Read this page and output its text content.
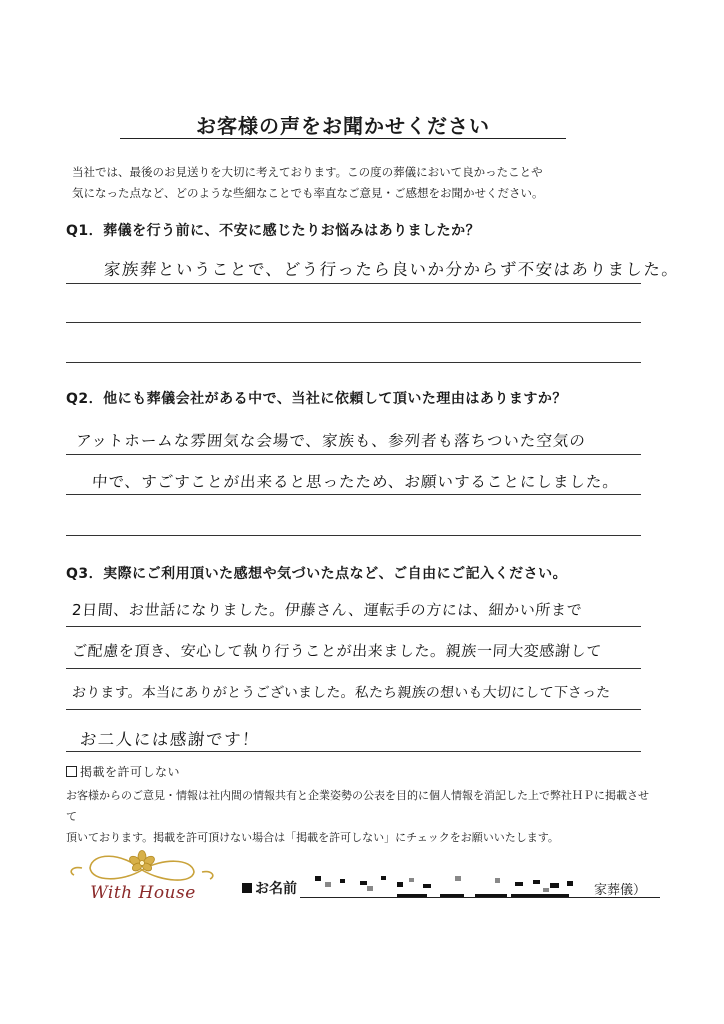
お客様の声をお聞かせください
当社では、最後のお見送りを大切に考えております。この度の葬儀において良かったことや
気になった点など、どのような些細なことでも率直なご意見・ご感想をお聞かせください。
Q1．葬儀を行う前に、不安に感じたりお悩みはありましたか？
家族葬ということで、どう行ったら良いか分からず不安はありました。
Q2．他にも葬儀会社がある中で、当社に依頼して頂いた理由はありますか？
アットホームな雰囲気な会場で、家族も、参列者も落ちついた空気の
中で、すごすことが出来ると思ったため、お願いすることにしました。
Q3．実際にご利用頂いた感想や気づいた点など、ご自由にご記入ください。
2日間、お世話になりました。伊藤さん、運転手の方には、細かい所まで
ご配慮を頂き、安心して執り行うことが出来ました。親族一同大変感謝して
おります。本当にありがとうございました。私たち親族の想いも大切にして下さった
お二人には感謝です！
掲載を許可しない
お客様からのご意見・情報は社内間の情報共有と企業姿勢の公表を目的に個人情報を消記した上で弊社ＨＰに掲載させて
頂いております。掲載を許可頂けない場合は「掲載を許可しない」にチェックをお願いいたします。
With House	お名前	家葬儀）
